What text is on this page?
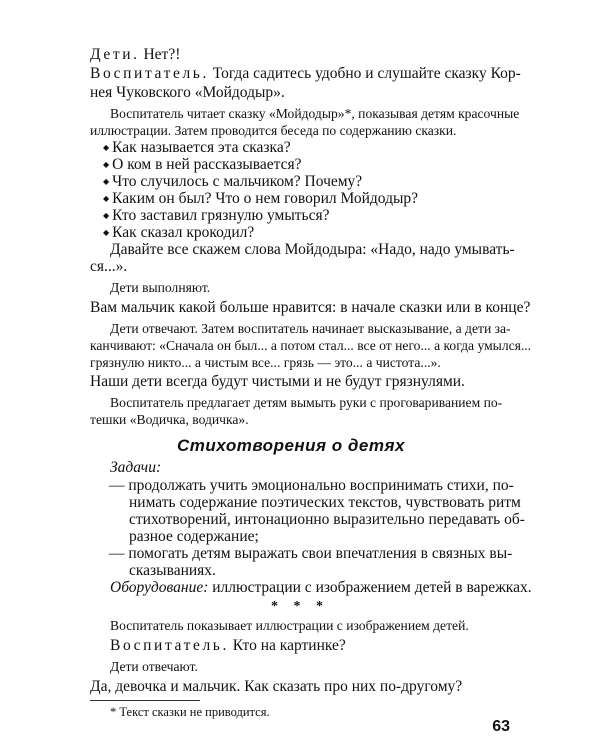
Дети. Нет?!
Воспитатель. Тогда садитесь удобно и слушайте сказку Кор-
нея Чуковского «Мойдодыр».
Воспитатель читает сказку «Мойдодыр»*, показывая детям красочные
иллюстрации. Затем проводится беседа по содержанию сказки.
◆ Как называется эта сказка?
◆ О ком в ней рассказывается?
◆ Что случилось с мальчиком? Почему?
◆ Каким он был? Что о нем говорил Мойдодыр?
◆ Кто заставил грязнулю умыться?
◆ Как сказал крокодил?
Давайте все скажем слова Мойдодыра: «Надо, надо умывать-
ся...».
Дети выполняют.
Вам мальчик какой больше нравится: в начале сказки или в конце?
Дети отвечают. Затем воспитатель начинает высказывание, а дети за-
канчивают: «Сначала он был... а потом стал... все от него... а когда умылся...
грязнулю никто... а чистым все... грязь — это... а чистота...».
Наши дети всегда будут чистыми и не будут грязнулями.
Воспитатель предлагает детям вымыть руки с проговариванием по-
тешки «Водичка, водичка».
Стихотворения о детях
Задачи:
— продолжать учить эмоционально воспринимать стихи, по-
нимать содержание поэтических текстов, чувствовать ритм
стихотворений, интонационно выразительно передавать об-
разное содержание;
— помогать детям выражать свои впечатления в связных вы-
сказываниях.
Оборудование: иллюстрации с изображением детей в варежках.
* * *
Воспитатель показывает иллюстрации с изображением детей.
Воспитатель. Кто на картинке?
Дети отвечают.
Да, девочка и мальчик. Как сказать про них по-другому?
* Текст сказки не приводится.
63
